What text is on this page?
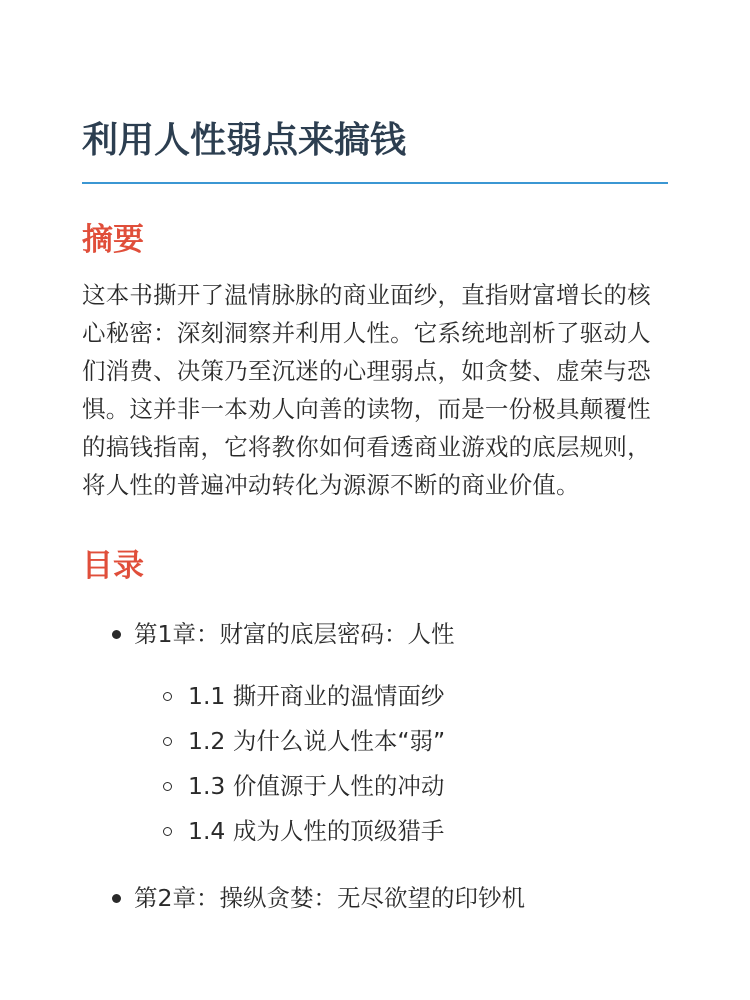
利用人性弱点来搞钱
摘要

这本书撕开了温情脉脉的商业面纱，直指财富增长的核心秘密：深刻洞察并利用人性。它系统地剖析了驱动人们消费、决策乃至沉迷的心理弱点，如贪婪、虚荣与恐惧。这并非一本劝人向善的读物，而是一份极具颠覆性的搞钱指南，它将教你如何看透商业游戏的底层规则，将人性的普遍冲动转化为源源不断的商业价值。

目录
第1章：财富的底层密码：人性
1.1 撕开商业的温情面纱
1.2 为什么说人性本“弱”
1.3 价值源于人性的冲动
1.4 成为人性的顶级猎手
第2章：操纵贪婪：无尽欲望的印钞机
